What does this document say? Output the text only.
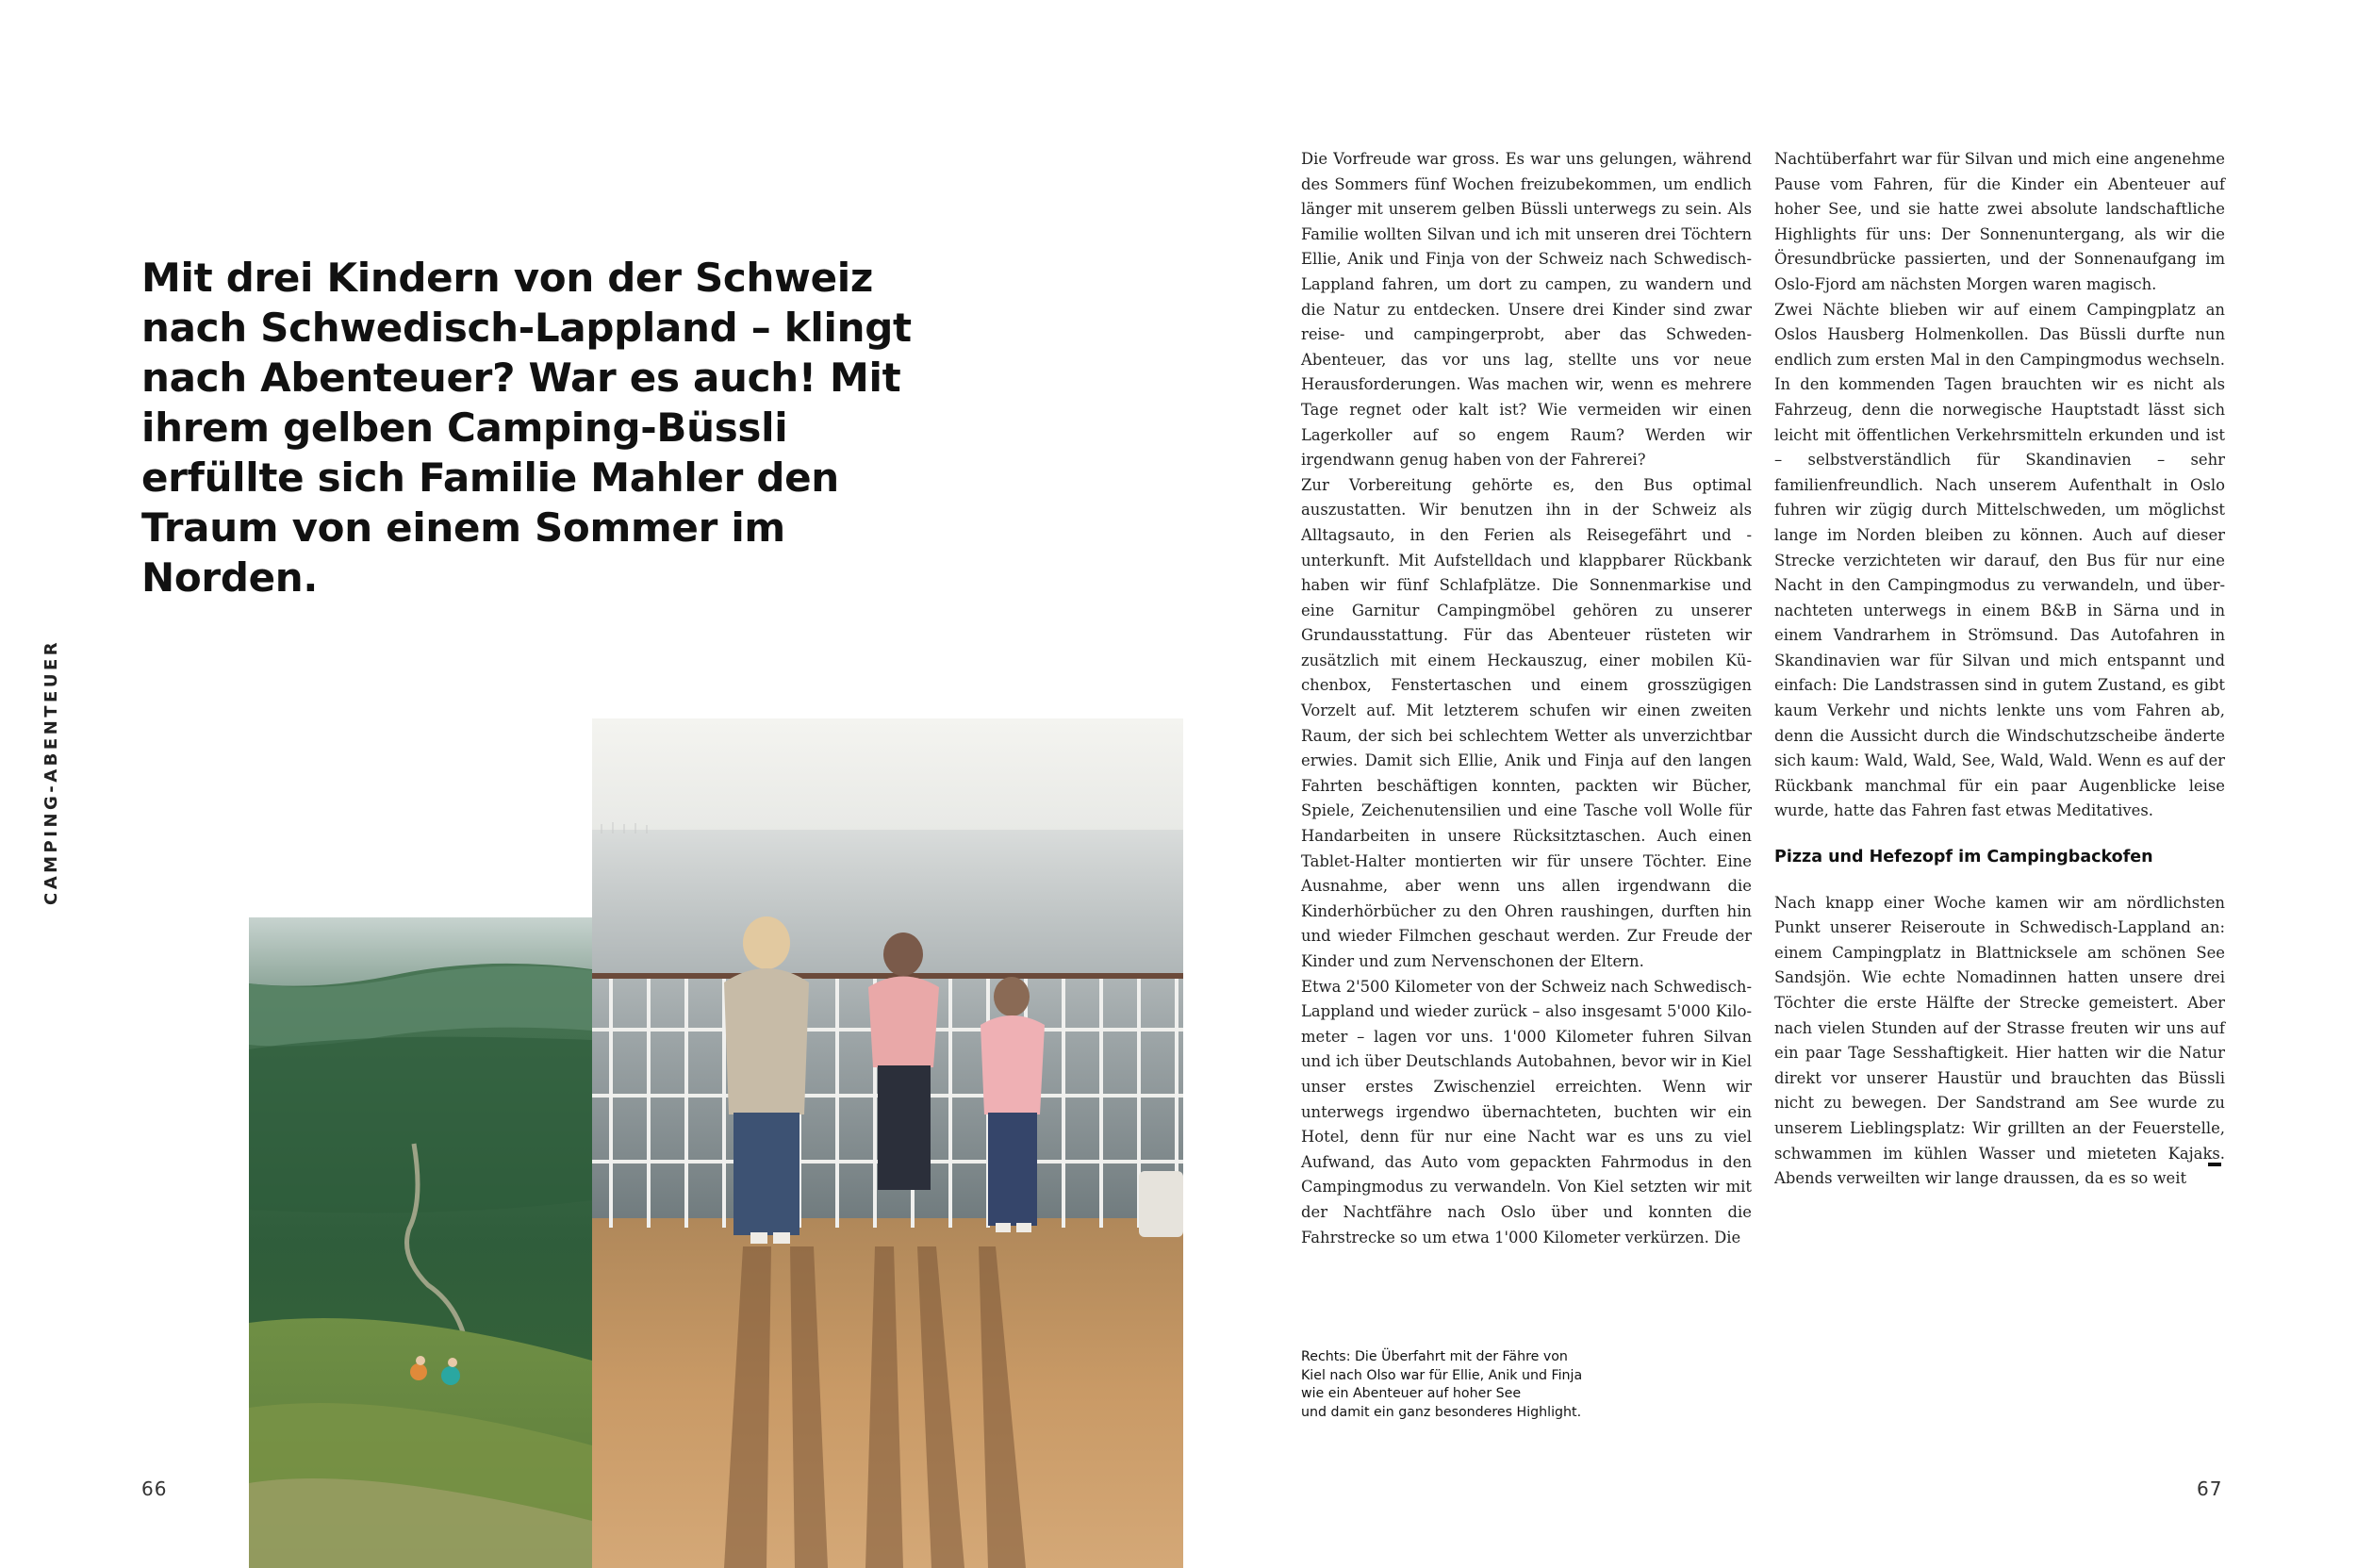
Mit drei Kindern von der Schweiz nach Schwedisch-Lappland – klingt nach Abenteuer? War es auch! Mit ihrem gelben Camping-Büssli erfüllte sich Familie Mahler den Traum von einem Sommer im Norden.
CAMPING-ABENTEUER
66

Die Vorfreude war gross. Es war uns gelungen, während des Sommers fünf Wochen freizubekommen, um endlich länger mit unserem gelben Büssli unterwegs zu sein. Als Familie wollten Silvan und ich mit unseren drei Töchtern Ellie, Anik und Finja von der Schweiz nach Schwedisch-Lappland fahren, um dort zu campen, zu wandern und die Natur zu entdecken. Unsere drei Kinder sind zwar reise- und campingerprobt, aber das Schweden-Abenteuer, das vor uns lag, stellte uns vor neue Herausforderungen. Was machen wir, wenn es mehrere Tage regnet oder kalt ist? Wie vermeiden wir einen Lagerkoller auf so engem Raum? Werden wir irgendwann genug haben von der Fahrerei?

Zur Vorbereitung gehörte es, den Bus optimal auszustatten. Wir benutzen ihn in der Schweiz als Alltagsauto, in den Ferien als Reisegefährt und -unterkunft. Mit Aufstelldach und klappbarer Rückbank haben wir fünf Schlafplätze. Die Sonnenmarkise und eine Garnitur Campingmöbel gehören zu unserer Grundausstattung. Für das Abenteuer rüsteten wir zusätzlich mit einem Heckauszug, einer mobilen Küchenbox, Fenstertaschen und einem grosszügigen Vorzelt auf. Mit letzterem schufen wir einen zweiten Raum, der sich bei schlechtem Wetter als unverzichtbar erwies. Damit sich Ellie, Anik und Finja auf den langen Fahrten beschäftigen konnten, packten wir Bücher, Spiele, Zeichenutensilien und eine Tasche voll Wolle für Handarbeiten in unsere Rücksitztaschen. Auch einen Tablet-Halter montierten wir für unsere Töchter. Eine Ausnahme, aber wenn uns allen irgendwann die Kinderhörbücher zu den Ohren raushingen, durften hin und wieder Filmchen geschaut werden. Zur Freude der Kinder und zum Nervenschonen der Eltern.

Etwa 2'500 Kilometer von der Schweiz nach Schwedisch-Lappland und wieder zurück – also insgesamt 5'000 Kilometer – lagen vor uns. 1'000 Kilometer fuhren Silvan und ich über Deutschlands Autobahnen, bevor wir in Kiel unser erstes Zwischenziel erreichten. Wenn wir unterwegs irgendwo übernachteten, buchten wir ein Hotel, denn für nur eine Nacht war es uns zu viel Aufwand, das Auto vom gepackten Fahrmodus in den Campingmodus zu verwandeln. Von Kiel setzten wir mit der Nachtfähre nach Oslo über und konnten die Fahrstrecke so um etwa 1'000 Kilometer verkürzen. Die

Nachtüberfahrt war für Silvan und mich eine angenehme Pause vom Fahren, für die Kinder ein Abenteuer auf hoher See, und sie hatte zwei absolute landschaftliche Highlights für uns: Der Sonnenuntergang, als wir die Öresundbrücke passierten, und der Sonnenaufgang im Oslo-Fjord am nächsten Morgen waren magisch.

Zwei Nächte blieben wir auf einem Campingplatz an Oslos Hausberg Holmenkollen. Das Büssli durfte nun endlich zum ersten Mal in den Campingmodus wechseln. In den kommenden Tagen brauchten wir es nicht als Fahrzeug, denn die norwegische Hauptstadt lässt sich leicht mit öffentlichen Verkehrsmitteln erkunden und ist – selbstverständlich für Skandinavien – sehr familienfreundlich. Nach unserem Aufenthalt in Oslo fuhren wir zügig durch Mittelschweden, um möglichst lange im Norden bleiben zu können. Auch auf dieser Strecke verzichteten wir darauf, den Bus für nur eine Nacht in den Campingmodus zu verwandeln, und übernachteten unterwegs in einem B&B in Särna und in einem Vandrarhem in Strömsund. Das Autofahren in Skandinavien war für Silvan und mich entspannt und einfach: Die Landstrassen sind in gutem Zustand, es gibt kaum Verkehr und nichts lenkte uns vom Fahren ab, denn die Aussicht durch die Windschutzscheibe änderte sich kaum: Wald, Wald, See, Wald, Wald. Wenn es auf der Rückbank manchmal für ein paar Augenblicke leise wurde, hatte das Fahren fast etwas Meditatives.

Pizza und Hefezopf im Campingbackofen

Nach knapp einer Woche kamen wir am nördlichsten Punkt unserer Reiseroute in Schwedisch-Lappland an: einem Campingplatz in Blattnicksele am schönen See Sandsjön. Wie echte Nomadinnen hatten unsere drei Töchter die erste Hälfte der Strecke gemeistert. Aber nach vielen Stunden auf der Strasse freuten wir uns auf ein paar Tage Sesshaftigkeit. Hier hatten wir die Natur direkt vor unserer Haustür und brauchten das Büssli nicht zu bewegen. Der Sandstrand am See wurde zu unserem Lieblingsplatz: Wir grillten an der Feuerstelle, schwammen im kühlen Wasser und mieteten Kajaks. Abends verweilten wir lange draussen, da es so weit

Rechts: Die Überfahrt mit der Fähre von
Kiel nach Olso war für Ellie, Anik und Finja
wie ein Abenteuer auf hoher See
und damit ein ganz besonderes Highlight.
67
